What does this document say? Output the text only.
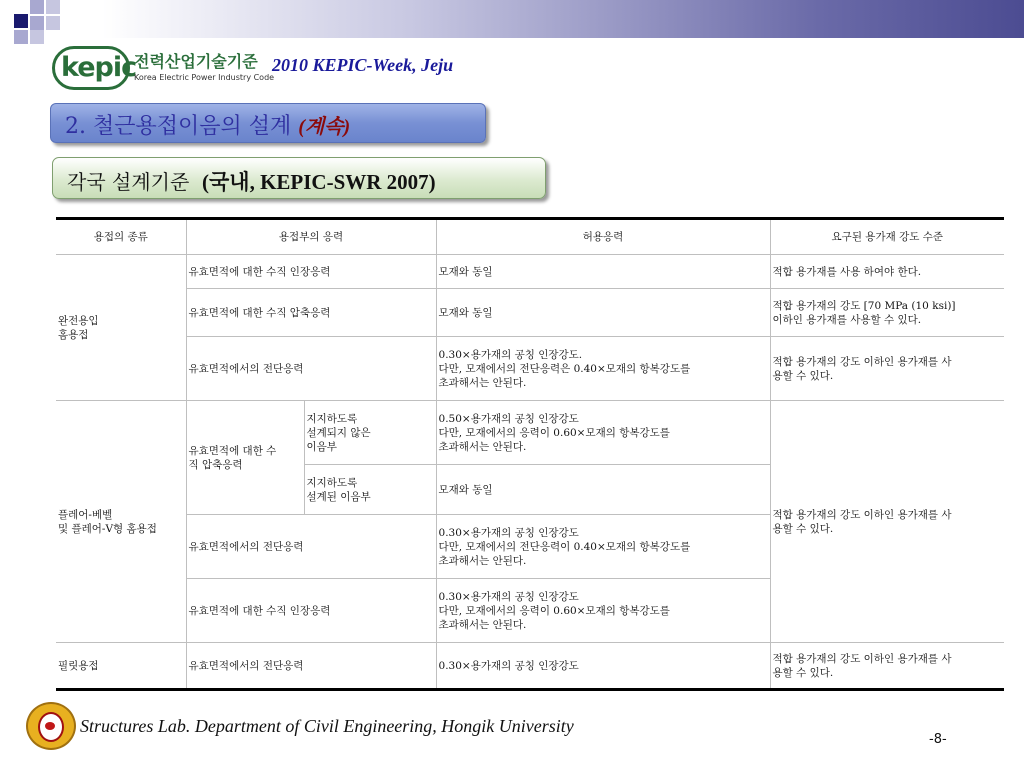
kepic
전력산업기술기준
Korea Electric Power Industry Code
2010 KEPIC-Week, Jeju
2. 철근용접이음의 설계 (계속)
각국 설계기준 (국내, KEPIC-SWR 2007)
용접의 종류	용접부의 응력		허용응력	요구된 용가재 강도 수준

완전용입
홈용접	유효면적에 대한 수직 인장응력		모재와 동일	적합 용가재를 사용 하여야 한다.

	유효면적에 대한 수직 압축응력		모재와 동일	적합 용가재의 강도 [70 MPa (10 ksi)]
이하인 용가재를 사용할 수 있다.

	유효면적에서의 전단응력		0.30×용가재의 공칭 인장강도.
다만, 모재에서의 전단응력은 0.40×모재의 항복강도를
초과해서는 안된다.	적합 용가재의 강도 이하인 용가재를 사
용할 수 있다.

플레어-베벨
및 플레어-V형 홈용접	유효면적에 대한 수
직 압축응력	지지하도록
설계되지 않은
이음부	0.50×용가재의 공칭 인장강도
다만, 모재에서의 응력이 0.60×모재의 항복강도를
초과해서는 안된다.	적합 용가재의 강도 이하인 용가재를 사
용할 수 있다.

		지지하도록
설계된 이음부	모재와 동일	

	유효면적에서의 전단응력		0.30×용가재의 공칭 인장강도
다만, 모재에서의 전단응력이 0.40×모재의 항복강도를
초과해서는 안된다.	

	유효면적에 대한 수직 인장응력		0.30×용가재의 공칭 인장강도
다만, 모재에서의 응력이 0.60×모재의 항복강도를
초과해서는 안된다.	

필릿용접	유효면적에서의 전단응력		0.30×용가재의 공칭 인장강도	적합 용가재의 강도 이하인 용가재를 사
용할 수 있다.
Structures Lab. Department of Civil Engineering, Hongik University
-8-
